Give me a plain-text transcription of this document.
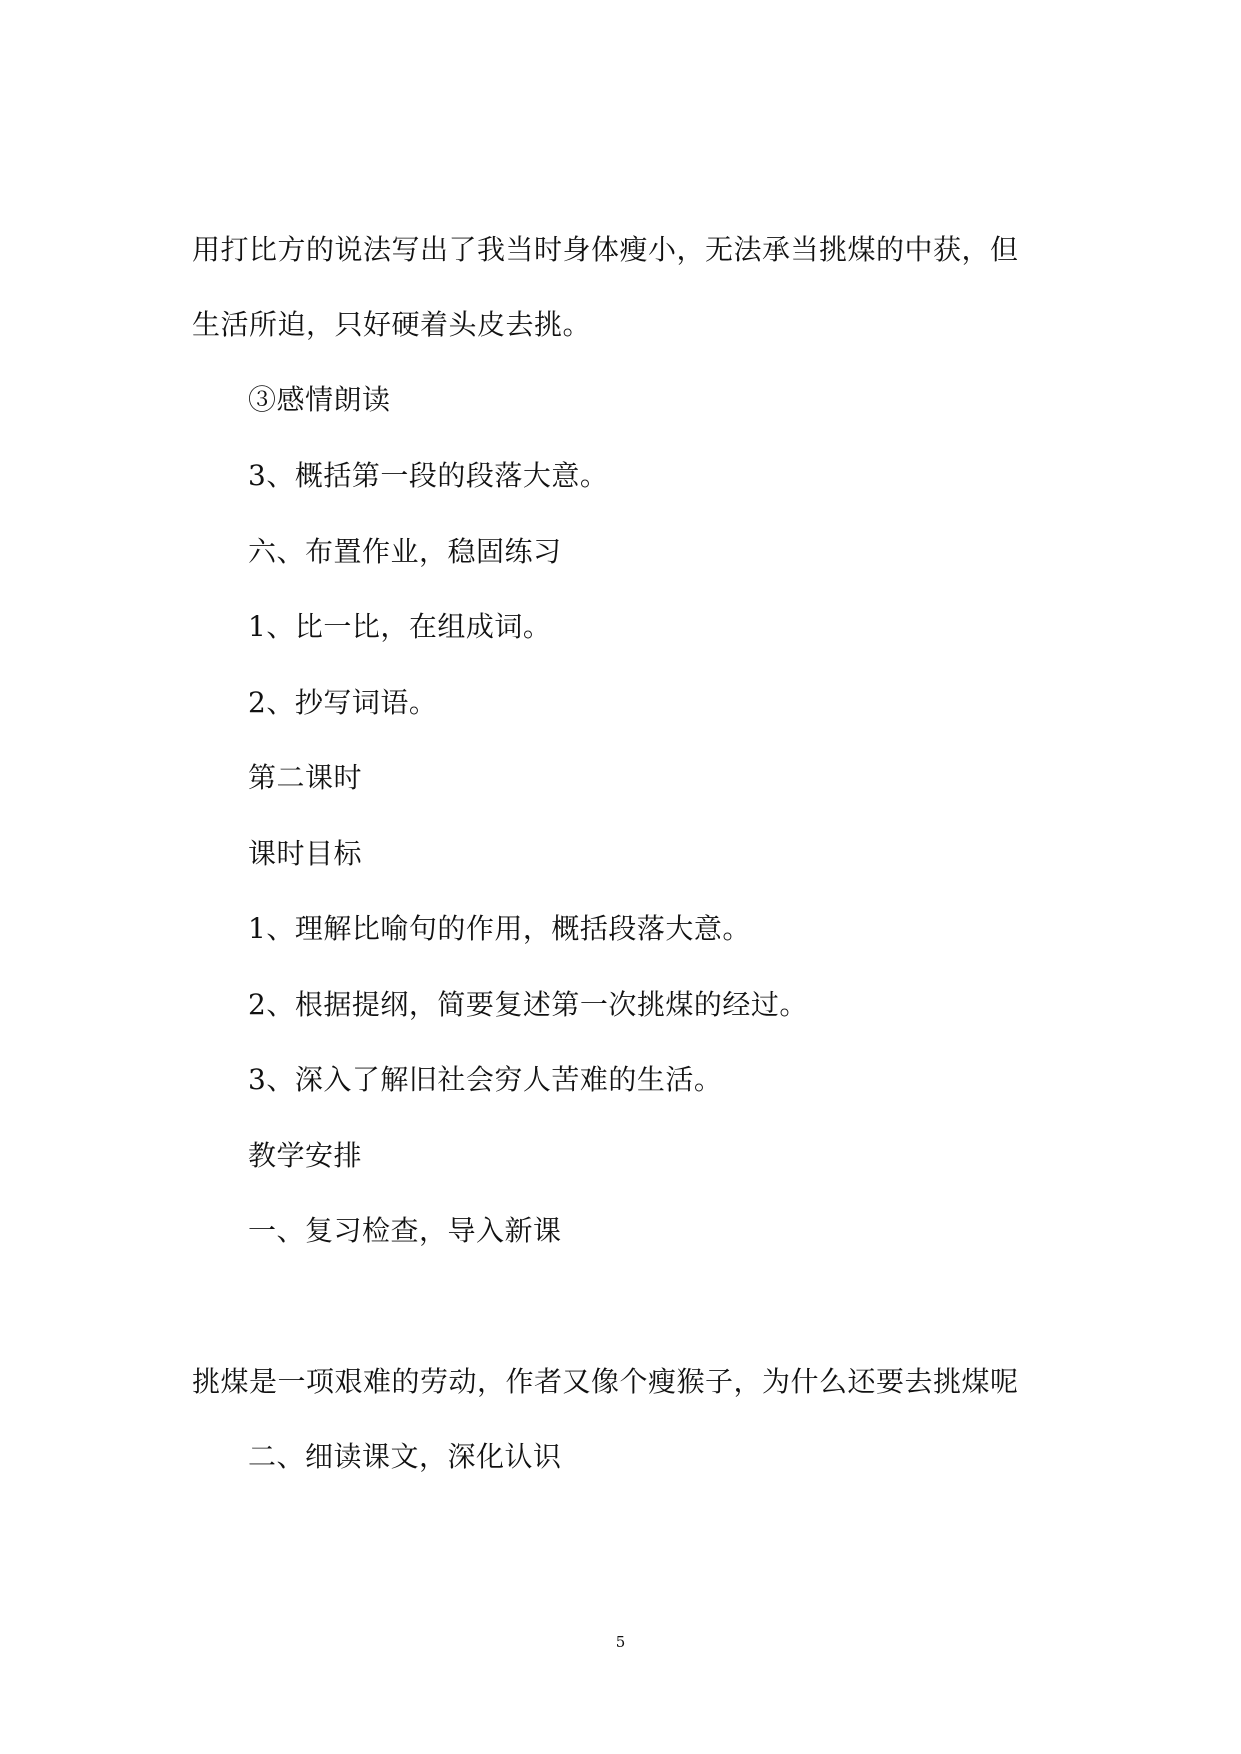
用打比方的说法写出了我当时身体瘦小，无法承当挑煤的中获，但

生活所迫，只好硬着头皮去挑。

③感情朗读

3、概括第一段的段落大意。

六、布置作业，稳固练习

1、比一比，在组成词。

2、抄写词语。

第二课时

课时目标

1、理解比喻句的作用，概括段落大意。

2、根据提纲，简要复述第一次挑煤的经过。

3、深入了解旧社会穷人苦难的生活。

教学安排

一、复习检查，导入新课

挑煤是一项艰难的劳动，作者又像个瘦猴子，为什么还要去挑煤呢

二、细读课文，深化认识

5
